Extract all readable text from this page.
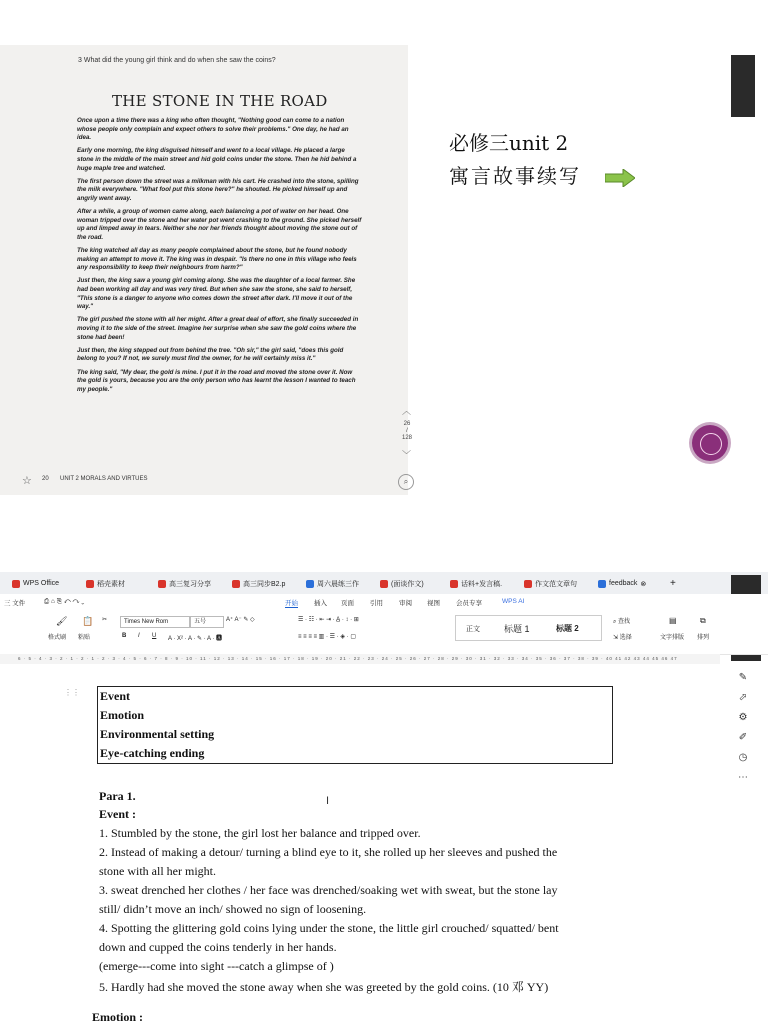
3 What did the young girl think and do when she saw the coins?
THE STONE IN THE ROAD

Once upon a time there was a king who often thought, "Nothing good can come to a nation whose people only complain and expect others to solve their problems." One day, he had an idea.

Early one morning, the king disguised himself and went to a local village. He placed a large stone in the middle of the main street and hid gold coins under the stone. Then he hid behind a huge maple tree and watched.

The first person down the street was a milkman with his cart. He crashed into the stone, spilling the milk everywhere. "What fool put this stone here?" he shouted. He picked himself up and angrily went away.

After a while, a group of women came along, each balancing a pot of water on her head. One woman tripped over the stone and her water pot went crashing to the ground. She picked herself up and limped away in tears. Neither she nor her friends thought about moving the stone out of the road.

The king watched all day as many people complained about the stone, but he found nobody making an attempt to move it. The king was in despair. "Is there no one in this village who feels any responsibility to keep their neighbours from harm?"

Just then, the king saw a young girl coming along. She was the daughter of a local farmer. She had been working all day and was very tired. But when she saw the stone, she said to herself, "This stone is a danger to anyone who comes down the street after dark. I'll move it out of the way."

The girl pushed the stone with all her might. After a great deal of effort, she finally succeeded in moving it to the side of the street. Imagine her surprise when she saw the gold coins where the stone had been!

Just then, the king stepped out from behind the tree. "Oh sir," the girl said, "does this gold belong to you? If not, we surely must find the owner, for he will certainly miss it."

The king said, "My dear, the gold is mine. I put it in the road and moved the stone over it. Now the gold is yours, because you are the only person who has learnt the lesson I wanted to teach my people."

☆ 20 UNIT 2 MORALS AND VIRTUES
︿
26
/
128
﹀
⌕
必修三unit 2
寓言故事续写
WPS Office	稻壳素材	高三复习分享	高三同步B2.p	周六晨练三作	(面谈作文)	话料+发言稿.	作文范文章句	feedback ⊗ +
三 文件	⎙ ⌂ ⎘ ↶ ↷ ⌄	开始 插入 页面 引用 审阅 视图 会员专享	WPS AI
🖌
格式刷
📋
粘贴
✂	Times New Rom	五号	A⁺ A⁻ ✎ ◇
B I U A · X² · A · ✎ · A · 🅰
☰ · ☷ · ⇤ ⇥ · A̲ · ↕ · ⊞
≡ ≡ ≡ ≡ ▥ · ☰ · ◈ · ▢
正文	标题 1	标题 2
⌕ 查找
⇲ 选择
▤
文字排版
⧉
排列
6 · 5 · 4 · 3 · 2 · 1 · 2 · 1 · 2 · 3 · 4 · 5 · 6 · 7 · 8 · 9 · 10 · 11 · 12 · 13 · 14 · 15 · 16 · 17 · 18 · 19 · 20 · 21 · 22 · 23 · 24 · 25 · 26 · 27 · 28 · 29 · 30 · 31 · 32 · 33 · 34 · 35 · 36 · 37 · 38 · 39 · 40 41 42 43 44 45 46 47
⋮⋮ Event
Emotion
Environmental setting
Eye-catching ending
Para 1.
Event :
I
1. Stumbled by the stone, the girl lost her balance and tripped over.
2. Instead of making a detour/ turning a blind eye to it, she rolled up her sleeves and pushed the
stone with all her might.
3. sweat drenched her clothes / her face was drenched/soaking wet with sweat, but the stone lay
still/ didn’t move an inch/ showed no sign of loosening.
4. Spotting the glittering gold coins lying under the stone, the little girl crouched/ squatted/ bent
down and cupped the coins tenderly in her hands.
(emerge---come into sight ---catch a glimpse of )
5. Hardly had she moved the stone away when she was greeted by the gold coins. (10 邓 YY)
Emotion :
✎
⬀
⚙
✐
◷
⋯
